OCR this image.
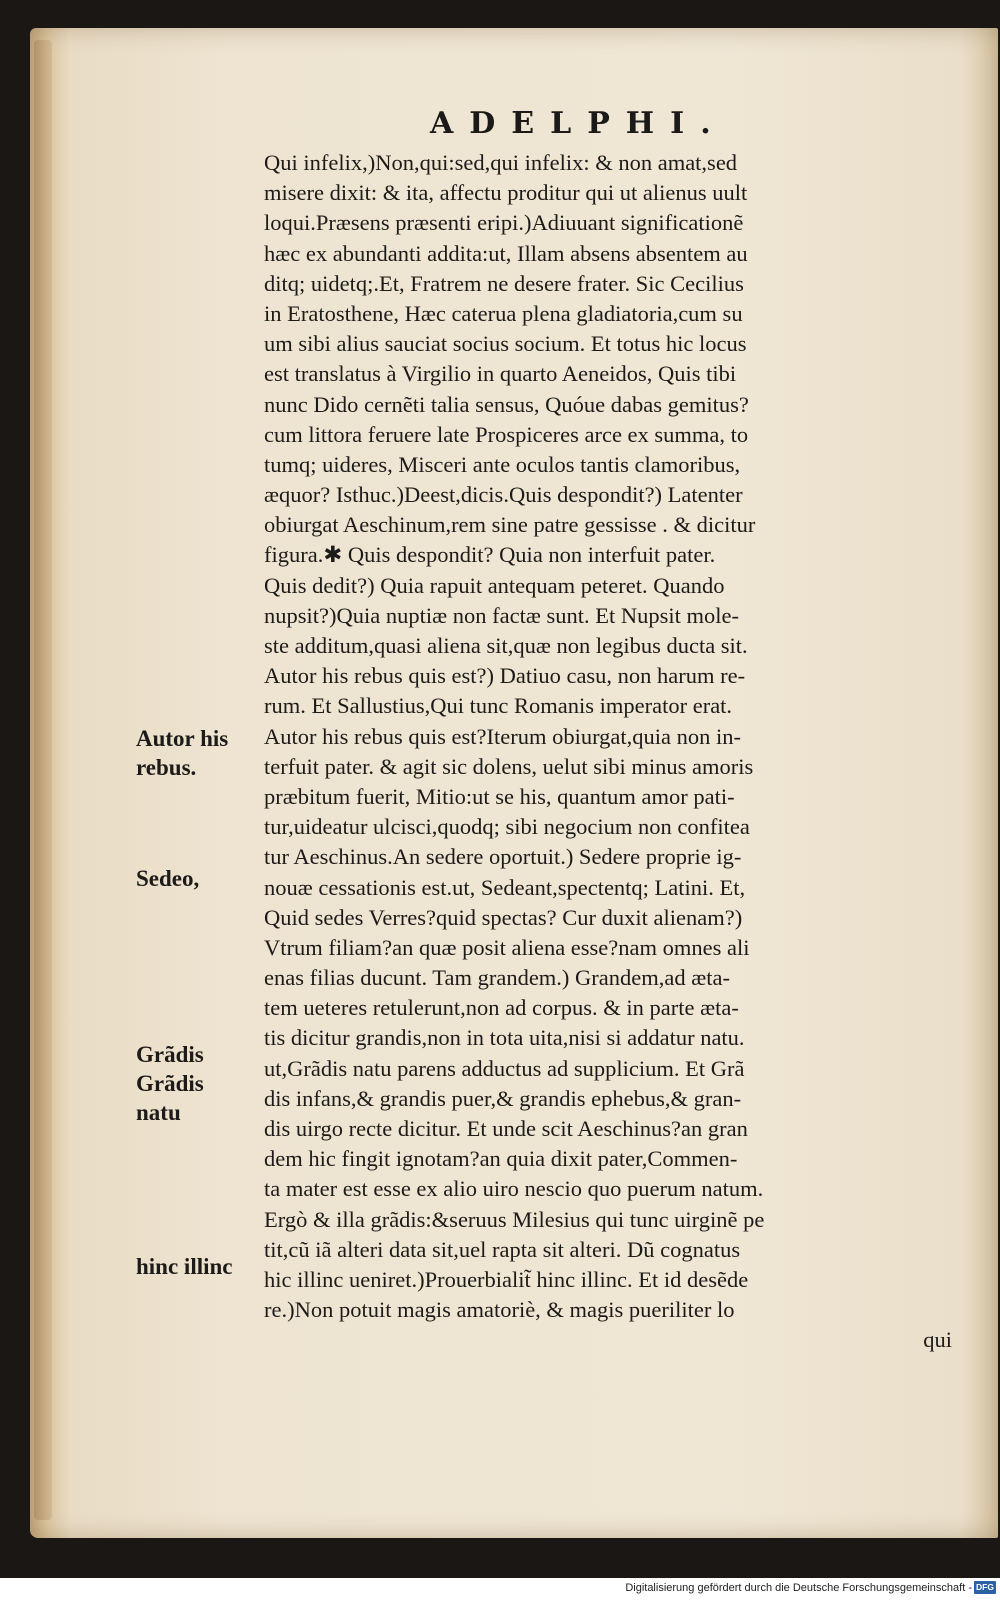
ADELPHI.
Qui infelix,)Non,qui:sed,qui infelix: & non amat,sed
misere dixit: & ita, affectu proditur qui ut alienus uult
loqui.Præsens præsenti eripi.)Adiuuant significationẽ
hæc ex abundanti addita:ut, Illam absens absentem au
ditq; uidetq;.Et, Fratrem ne desere frater. Sic Cecilius
in Eratosthene, Hæc caterua plena gladiatoria,cum su
um sibi alius sauciat socius socium. Et totus hic locus
est translatus à Virgilio in quarto Aeneidos, Quis tibi
nunc Dido cernẽti talia sensus, Quóue dabas gemitus?
cum littora feruere late Prospiceres arce ex summa, to
tumq; uideres, Misceri ante oculos tantis clamoribus,
æquor? Isthuc.)Deest,dicis.Quis despondit?) Latenter
obiurgat Aeschinum,rem sine patre gessisse . & dicitur
figura.✱ Quis despondit? Quia non interfuit pater.
Quis dedit?) Quia rapuit antequam peteret. Quando
nupsit?)Quia nuptiæ non factæ sunt. Et Nupsit mole-
ste additum,quasi aliena sit,quæ non legibus ducta sit.
Autor his rebus quis est?) Datiuo casu, non harum re-
rum. Et Sallustius,Qui tunc Romanis imperator erat.
Autor his rebus quis est?Iterum obiurgat,quia non in-
terfuit pater. & agit sic dolens, uelut sibi minus amoris
præbitum fuerit, Mitio:ut se his, quantum amor pati-
tur,uideatur ulcisci,quodq; sibi negocium non confitea
tur Aeschinus.An sedere oportuit.) Sedere proprie ig-
nouæ cessationis est.ut, Sedeant,spectentq; Latini. Et,
Quid sedes Verres?quid spectas? Cur duxit alienam?)
Vtrum filiam?an quæ posit aliena esse?nam omnes ali
enas filias ducunt. Tam grandem.) Grandem,ad æta-
tem ueteres retulerunt,non ad corpus. & in parte æta-
tis dicitur grandis,non in tota uita,nisi si addatur natu.
ut,Grãdis natu parens adductus ad supplicium. Et Grã
dis infans,& grandis puer,& grandis ephebus,& gran-
dis uirgo recte dicitur. Et unde scit Aeschinus?an gran
dem hic fingit ignotam?an quia dixit pater,Commen-
ta mater est esse ex alio uiro nescio quo puerum natum.
Ergò & illa grãdis:&seruus Milesius qui tunc uirginẽ pe
tit,cũ iã alteri data sit,uel rapta sit alteri. Dũ cognatus
hic illinc ueniret.)Prouerbialit̃ hinc illinc. Et id desẽde
re.)Non potuit magis amatoriè, & magis pueriliter lo
qui
Autor his
rebus.
Sedeo,
Grãdis
Grãdis
natu
hinc illinc
Digitalisierung gefördert durch die Deutsche Forschungsgemeinschaft - DFG
